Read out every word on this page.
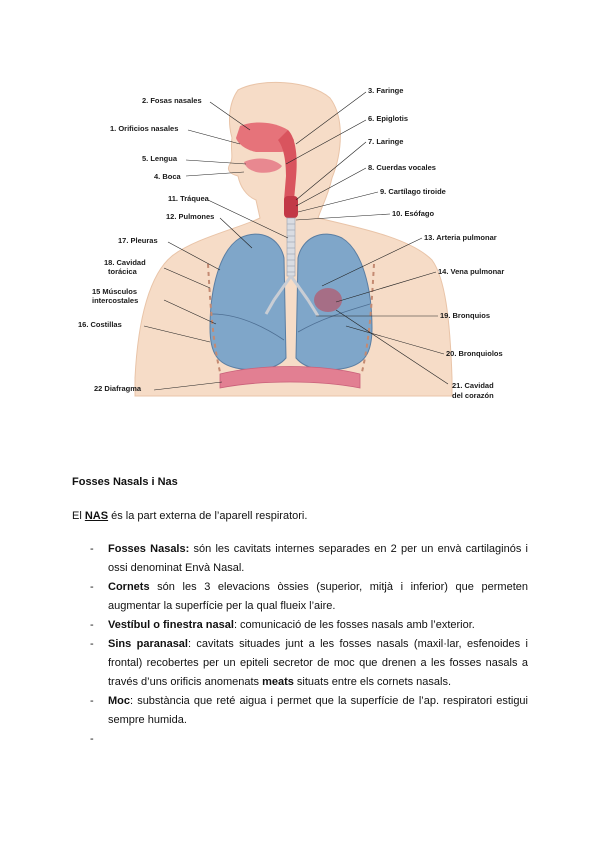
2. Fosas nasales
1. Orificios nasales
5. Lengua
4. Boca
11. Tráquea
12. Pulmones
17. Pleuras
18. Cavidad
torácica
15 Músculos
intercostales
16. Costillas
22 Diafragma
3. Faringe
6. Epiglotis
7. Laringe
8. Cuerdas vocales
9. Cartílago tiroide
10. Esófago
13. Arteria pulmonar
14. Vena pulmonar
19. Bronquios
20. Bronquiolos
21. Cavidad
del corazón
Fosses Nasals i Nas

El NAS és la part externa de l’aparell respiratori.

- Fosses Nasals: són les cavitats internes separades en 2 per un envà cartilaginós i ossi denominat Envà Nasal.
- Cornets són les 3 elevacions òssies (superior, mitjà i inferior) que permeten augmentar la superfície per la qual flueix l’aire.
- Vestíbul o finestra nasal: comunicació de les fosses nasals amb l’exterior.
- Sins paranasal: cavitats situades junt a les fosses nasals (maxil·lar, esfenoides i frontal) recobertes per un epiteli secretor de moc que drenen a les fosses nasals a través d’uns orificis anomenats meats situats entre els cornets nasals.
- Moc: substància que reté aigua i permet que la superfície de l’ap. respiratori estigui sempre humida.
-
